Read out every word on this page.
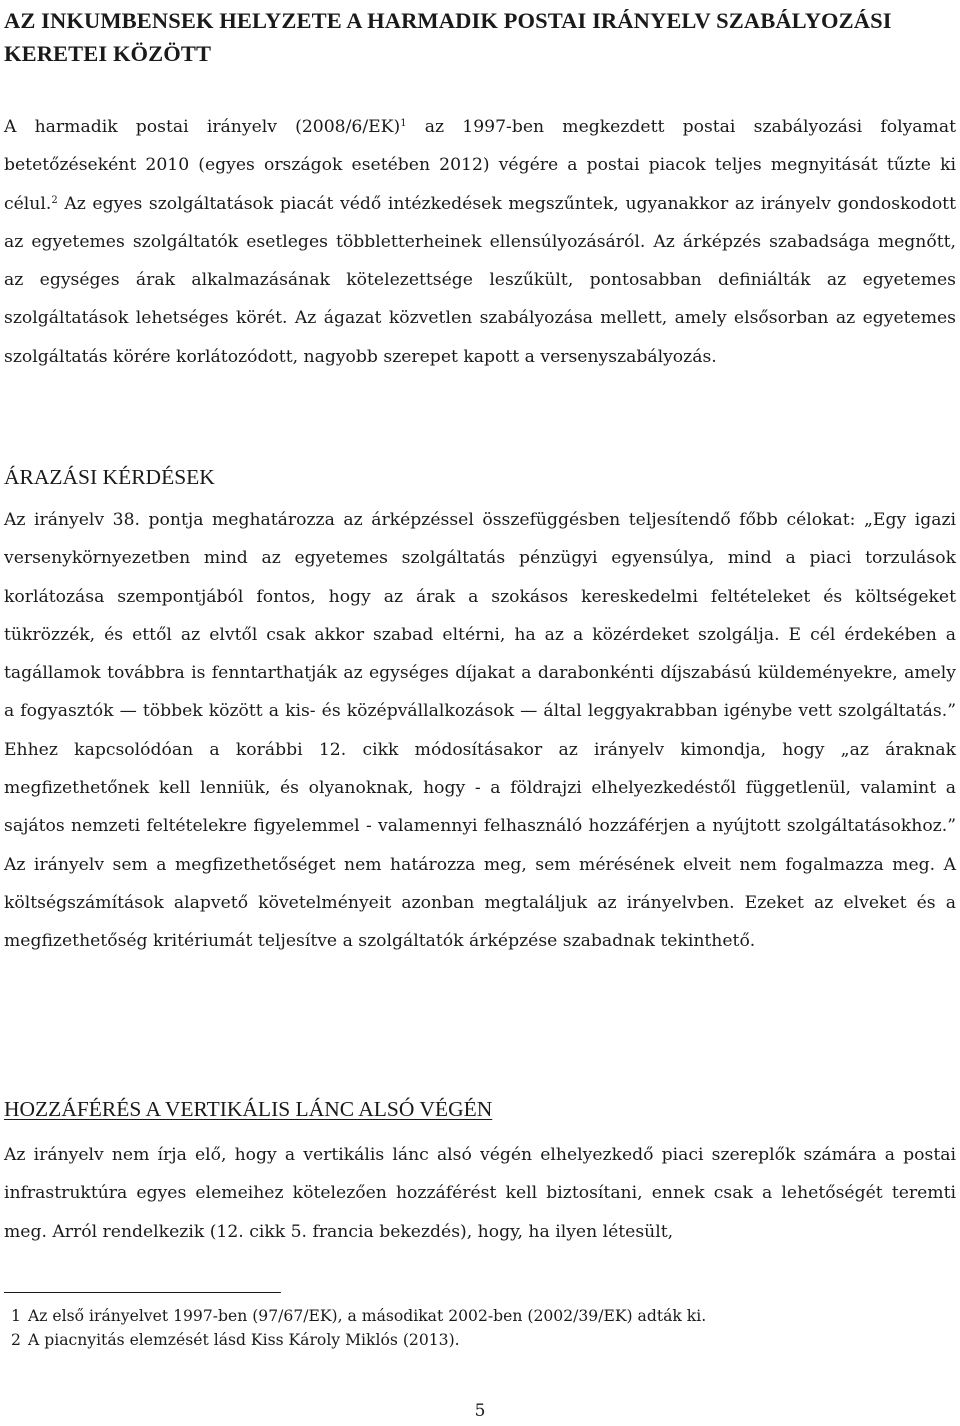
AZ INKUMBENSEK HELYZETE A HARMADIK POSTAI IRÁNYELV SZABÁLYOZÁSI KERETEI KÖZÖTT
A harmadik postai irányelv $(2008/6/EK)^1$ az 1997-ben megkezdett postai szabályozási folyamat betetőzéseként 2010 (egyes országok esetében 2012) végére a postai piacok teljes megnyitását tűzte ki célul.$^2$ Az egyes szolgáltatások piacát védő intézkedések megszűntek, ugyanakkor az irányelv gondoskodott az egyetemes szolgáltatók esetleges többletterheinek ellensúlyozásáról. Az árképzés szabadsága megnőtt, az egységes árak alkalmazásának kötelezettsége leszűkült, pontosabban definiálták az egyetemes szolgáltatások lehetséges körét. Az ágazat közvetlen szabályozása mellett, amely elsősorban az egyetemes szolgáltatás körére korlátozódott, nagyobb szerepet kapott a versenyszabályozás.
ÁRAZÁSI KÉRDÉSEK
Az irányelv 38. pontja meghatározza az árképzéssel összefüggésben teljesítendő főbb célokat: „Egy igazi versenykörnyezetben mind az egyetemes szolgáltatás pénzügyi egyensúlya, mind a piaci torzulások korlátozása szempontjából fontos, hogy az árak a szokásos kereskedelmi feltételeket és költségeket tükrözzék, és ettől az elvtől csak akkor szabad eltérni, ha az a közérdeket szolgálja. E cél érdekében a tagállamok továbbra is fenntarthatják az egységes díjakat a darabonkénti díjszabású küldeményekre, amely a fogyasztók — többek között a kis- és középvállalkozások — által leggyakrabban igénybe vett szolgáltatás.” Ehhez kapcsolódóan a korábbi 12. cikk módosításakor az irányelv kimondja, hogy „az áraknak megfizethetőnek kell lenniük, és olyanoknak, hogy - a földrajzi elhelyezkedéstől függetlenül, valamint a sajátos nemzeti feltételekre figyelemmel - valamennyi felhasználó hozzáférjen a nyújtott szolgáltatásokhoz.” Az irányelv sem a megfizethetőséget nem határozza meg, sem mérésének elveit nem fogalmazza meg. A költségszámítások alapvető követelményeit azonban megtaláljuk az irányelvben. Ezeket az elveket és a megfizethetőség kritériumát teljesítve a szolgáltatók árképzése szabadnak tekinthető.
HOZZÁFÉRÉS A VERTIKÁLIS LÁNC ALSÓ VÉGÉN
Az irányelv nem írja elő, hogy a vertikális lánc alsó végén elhelyezkedő piaci szereplők számára a postai infrastruktúra egyes elemeihez kötelezően hozzáférést kell biztosítani, ennek csak a lehetőségét teremti meg. Arról rendelkezik (12. cikk 5. francia bekezdés), hogy, ha ilyen létesült,
1 Az első irányelvet 1997-ben (97/67/EK), a másodikat 2002-ben (2002/39/EK) adták ki.
2 A piacnyitás elemzését lásd Kiss Károly Miklós (2013).
5
